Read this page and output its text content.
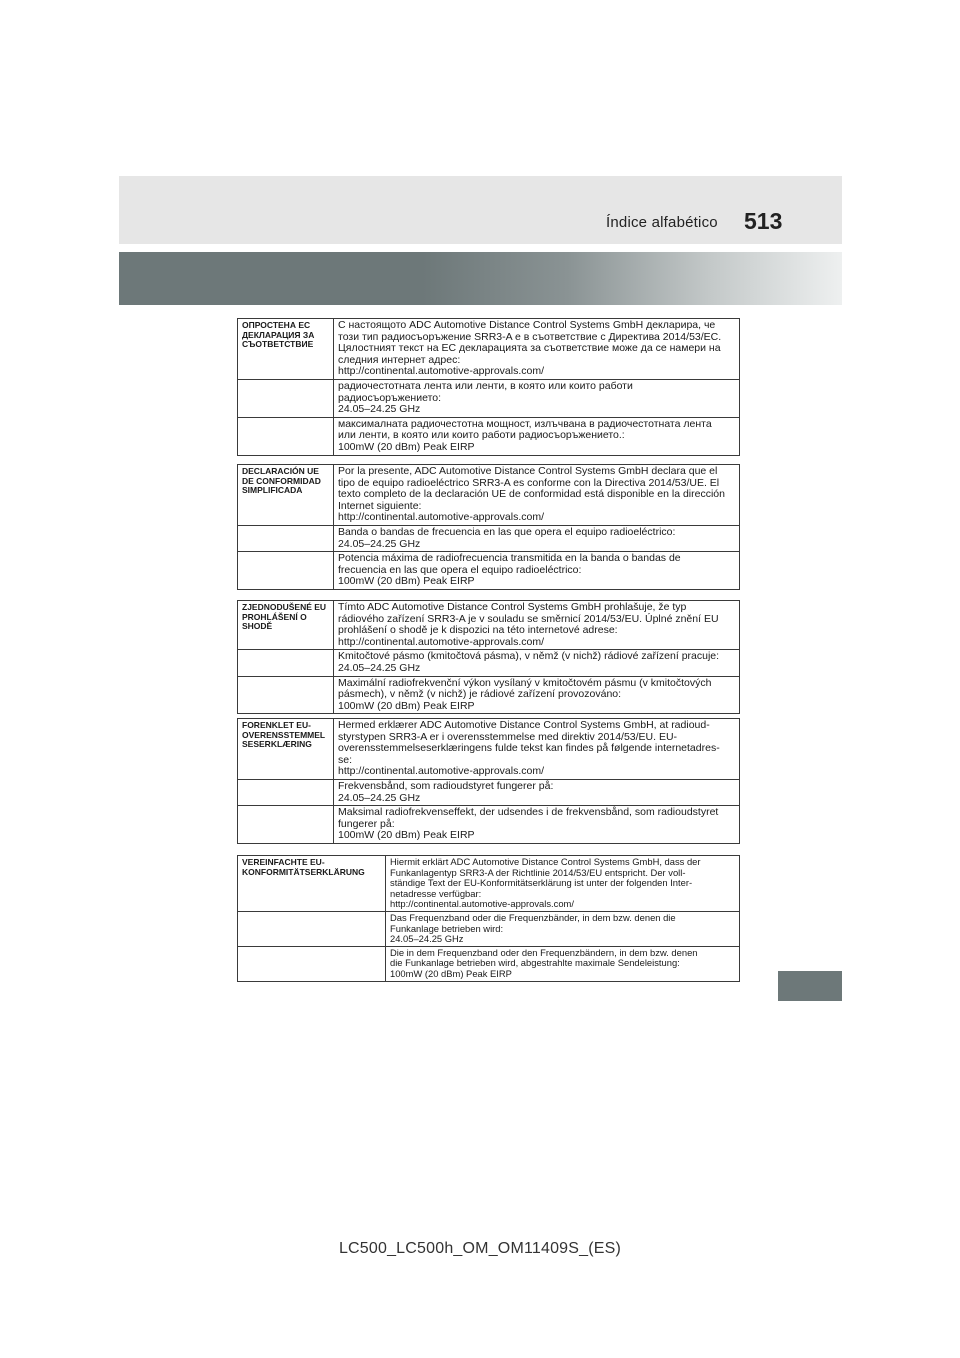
Índice alfabético 513
ОПРОСТЕНА ЕС ДЕКЛАРАЦИЯ ЗА СЪОТВЕТСТВИЕ	С настоящото ADC Automotive Distance Control Systems GmbH декларира, че
този тип радиосъоръжение SRR3-A е в съответствие с Директива 2014/53/ЕС.
Цялостният текст на ЕС декларацията за съответствие може да се намери на
следния интернет адрес:
http://continental.automotive-approvals.com/

	радиочестотната лента или ленти, в която или които работи
радиосъоръжението:
24.05–24.25 GHz

	максималната радиочестотна мощност, излъчвана в радиочестотната лента
или ленти, в която или които работи радиосъоръжението.:
100mW (20 dBm) Peak EIRP
DECLARACIÓN UE DE CONFORMIDAD SIMPLIFICADA	Por la presente, ADC Automotive Distance Control Systems GmbH declara que el
tipo de equipo radioeléctrico SRR3-A es conforme con la Directiva 2014/53/UE. El
texto completo de la declaración UE de conformidad está disponible en la dirección
Internet siguiente:
http://continental.automotive-approvals.com/

	Banda o bandas de frecuencia en las que opera el equipo radioeléctrico:
24.05–24.25 GHz

	Potencia máxima de radiofrecuencia transmitida en la banda o bandas de
frecuencia en las que opera el equipo radioeléctrico:
100mW (20 dBm) Peak EIRP
ZJEDNODUŠENÉ EU PROHLÁŠENÍ O SHODĚ	Tímto ADC Automotive Distance Control Systems GmbH prohlašuje, že typ
rádiového zařízení SRR3-A je v souladu se směrnicí 2014/53/EU. Úplné znění EU
prohlášení o shodě je k dispozici na této internetové adrese:
http://continental.automotive-approvals.com/

	Kmitočtové pásmo (kmitočtová pásma), v němž (v nichž) rádiové zařízení pracuje:
24.05–24.25 GHz

	Maximální radiofrekvenční výkon vysílaný v kmitočtovém pásmu (v kmitočtových
pásmech), v němž (v nichž) je rádiové zařízení provozováno:
100mW (20 dBm) Peak EIRP
FORENKLET EU-OVERENSSTEMMELSESERKLÆRING	Hermed erklærer ADC Automotive Distance Control Systems GmbH, at radioud-
styrstypen SRR3-A er i overensstemmelse med direktiv 2014/53/EU. EU-
overensstemmelseserklæringens fulde tekst kan findes på følgende internetadres-
se:
http://continental.automotive-approvals.com/

	Frekvensbånd, som radioudstyret fungerer på:
24.05–24.25 GHz

	Maksimal radiofrekvenseffekt, der udsendes i de frekvensbånd, som radioudstyret
fungerer på:
100mW (20 dBm) Peak EIRP
VEREINFACHTE EU-KONFORMITÄTSERKLÄRUNG	Hiermit erklärt ADC Automotive Distance Control Systems GmbH, dass der
Funkanlagentyp SRR3-A der Richtlinie 2014/53/EU entspricht. Der voll-
ständige Text der EU-Konformitätserklärung ist unter der folgenden Inter-
netadresse verfügbar:
http://continental.automotive-approvals.com/

	Das Frequenzband oder die Frequenzbänder, in dem bzw. denen die
Funkanlage betrieben wird:
24.05–24.25 GHz

	Die in dem Frequenzband oder den Frequenzbändern, in dem bzw. denen
die Funkanlage betrieben wird, abgestrahlte maximale Sendeleistung:
100mW (20 dBm) Peak EIRP
LC500_LC500h_OM_OM11409S_(ES)
